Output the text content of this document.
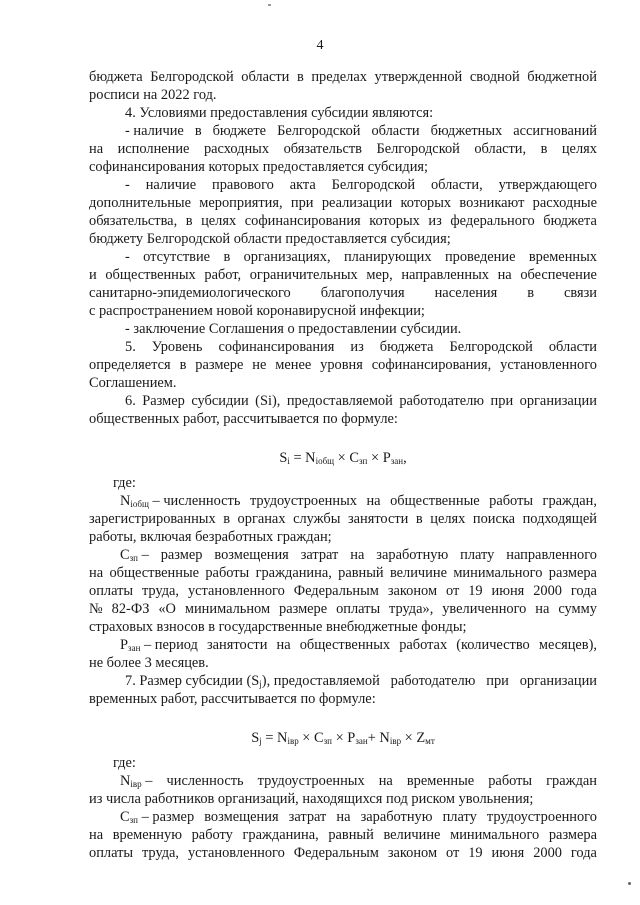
4
бюджета Белгородской области в пределах утвержденной сводной бюджетной
росписи на 2022 год.
4. Условиями предоставления субсидии являются:
- наличие в бюджете Белгородской области бюджетных ассигнований
на исполнение расходных обязательств Белгородской области, в целях
софинансирования которых предоставляется субсидия;
- наличие правового акта Белгородской области, утверждающего
дополнительные мероприятия, при реализации которых возникают расходные
обязательства, в целях софинансирования которых из федерального бюджета
бюджету Белгородской области предоставляется субсидия;
- отсутствие в организациях, планирующих проведение временных
и общественных работ, ограничительных мер, направленных на обеспечение
санитарно-эпидемиологического благополучия населения в связи
с распространением новой коронавирусной инфекции;
- заключение Соглашения о предоставлении субсидии.
5. Уровень софинансирования из бюджета Белгородской области
определяется в размере не менее уровня софинансирования, установленного
Соглашением.
6. Размер субсидии (Si), предоставляемой работодателю при организации
общественных работ, рассчитывается по формуле:
$S_i = N_{iобщ} \times C_{зп} \times P_{зан}$,
где:
$N_{iобщ}$ – численность трудоустроенных на общественные работы граждан,
зарегистрированных в органах службы занятости в целях поиска подходящей
работы, включая безработных граждан;
$C_{зп}$ – размер возмещения затрат на заработную плату направленного
на общественные работы гражданина, равный величине минимального размера
оплаты труда, установленного Федеральным законом от 19 июня 2000 года
№ 82-ФЗ «О минимальном размере оплаты труда», увеличенного на сумму
страховых взносов в государственные внебюджетные фонды;
$P_{зан}$ – период занятости на общественных работах (количество месяцев),
не более 3 месяцев.
7. Размер субсидии $(S_j)$, предоставляемой работодателю при организации
временных работ, рассчитывается по формуле:
$S_j = N_{iвр} \times C_{зп} \times P_{зан}+ N_{iвр} \times Z_{мт}$
где:
$N_{iвр}$ – численность трудоустроенных на временные работы граждан
из числа работников организаций, находящихся под риском увольнения;
$C_{зп}$ – размер возмещения затрат на заработную плату трудоустроенного
на временную работу гражданина, равный величине минимального размера
оплаты труда, установленного Федеральным законом от 19 июня 2000 года
